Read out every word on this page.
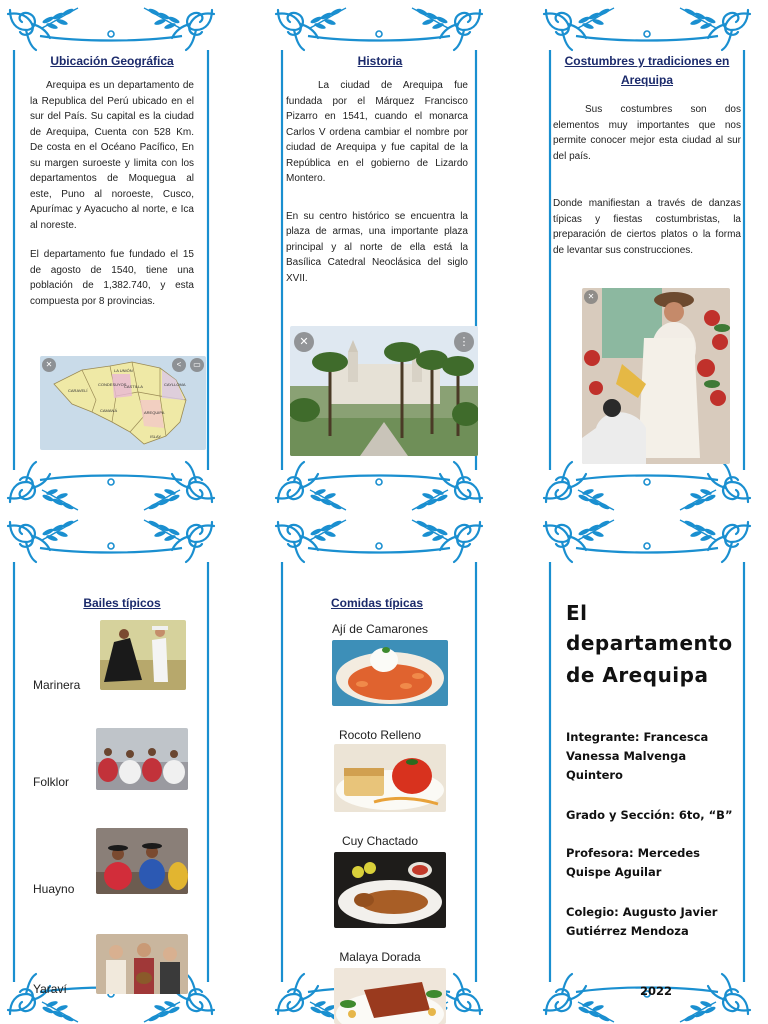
Ubicación Geográfica

Arequipa es un departamento de la Republica del Perú ubicado en el sur del País. Su capital es la ciudad de Arequipa, Cuenta con 528 Km. De costa en el Océano Pacífico, En su margen suroeste y limita con los departamentos de Moquegua al este, Puno al noroeste, Cusco, Apurímac y Ayacucho al norte, e Ica al noreste.

El departamento fue fundado el 15 de agosto de 1540, tiene una población de 1,382.740, y esta compuesta por 8 provincias.

CARAVELÍ
LA UNIÓN
CONDESUYOS	CAYLLOMA
CASTILLA
CAMANÁ	AREQUIPA
ISLAY
✕	<	▭
Historia

La ciudad de Arequipa fue fundada por el Márquez Francisco Pizarro en 1541, cuando el monarca Carlos V ordena cambiar el nombre por ciudad de Arequipa y fue capital de la República en el gobierno de Lizardo Montero.

En su centro histórico se encuentra la plaza de armas, una importante plaza principal y al norte de ella está la Basílica Catedral Neoclásica del siglo XVII.

✕	⋮
Costumbres y tradiciones en Arequipa

Sus costumbres son dos elementos muy importantes que nos permite conocer mejor esta ciudad al sur del país.

Donde manifiestan a través de danzas típicas y fiestas costumbristas, la preparación de ciertos platos o la forma de levantar sus construcciones.

✕
Bailes típicos
Marinera
Folklor
Huayno
Yaraví
Comidas típicas
Ají de Camarones
Rocoto Relleno
Cuy Chactado
Malaya Dorada
El
departamento
de Arequipa
Integrante: Francesca
Vanessa Malvenga
Quintero
Grado y Sección: 6to, “B”
Profesora: Mercedes
Quispe Aguilar
Colegio: Augusto Javier
Gutiérrez Mendoza
2022
